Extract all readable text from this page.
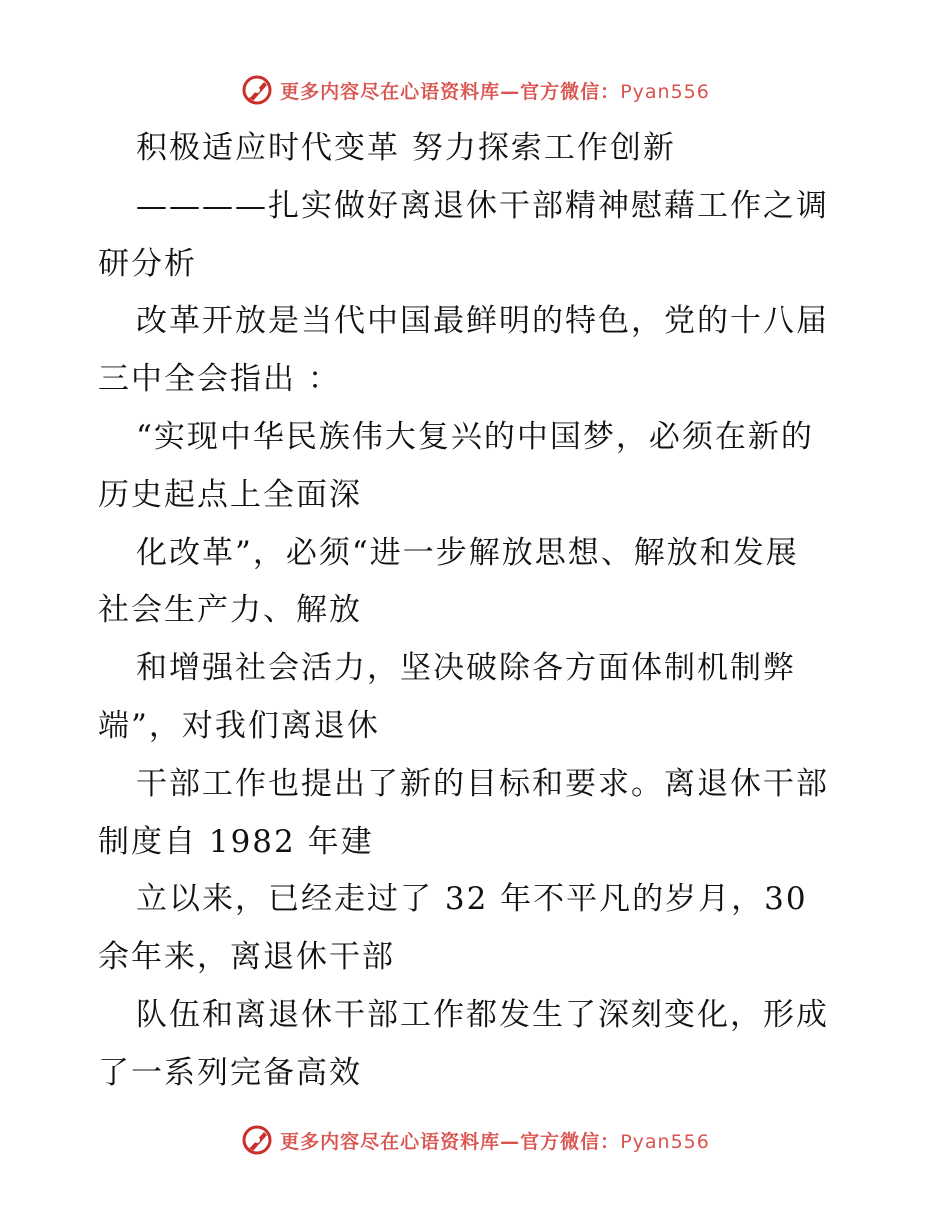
更多内容尽在心语资料库—官方微信：Pyan556
积极适应时代变革 努力探索工作创新
————扎实做好离退休干部精神慰藉工作之调
研分析
改革开放是当代中国最鲜明的特色，党的十八届
三中全会指出 ：
“实现中华民族伟大复兴的中国梦，必须在新的
历史起点上全面深
化改革”，必须“进一步解放思想、解放和发展
社会生产力、解放
和增强社会活力，坚决破除各方面体制机制弊
端”，对我们离退休
干部工作也提出了新的目标和要求。离退休干部
制度自 1982 年建
立以来，已经走过了 32 年不平凡的岁月，30
余年来，离退休干部
队伍和离退休干部工作都发生了深刻变化，形成
了一系列完备高效
更多内容尽在心语资料库—官方微信：Pyan556
